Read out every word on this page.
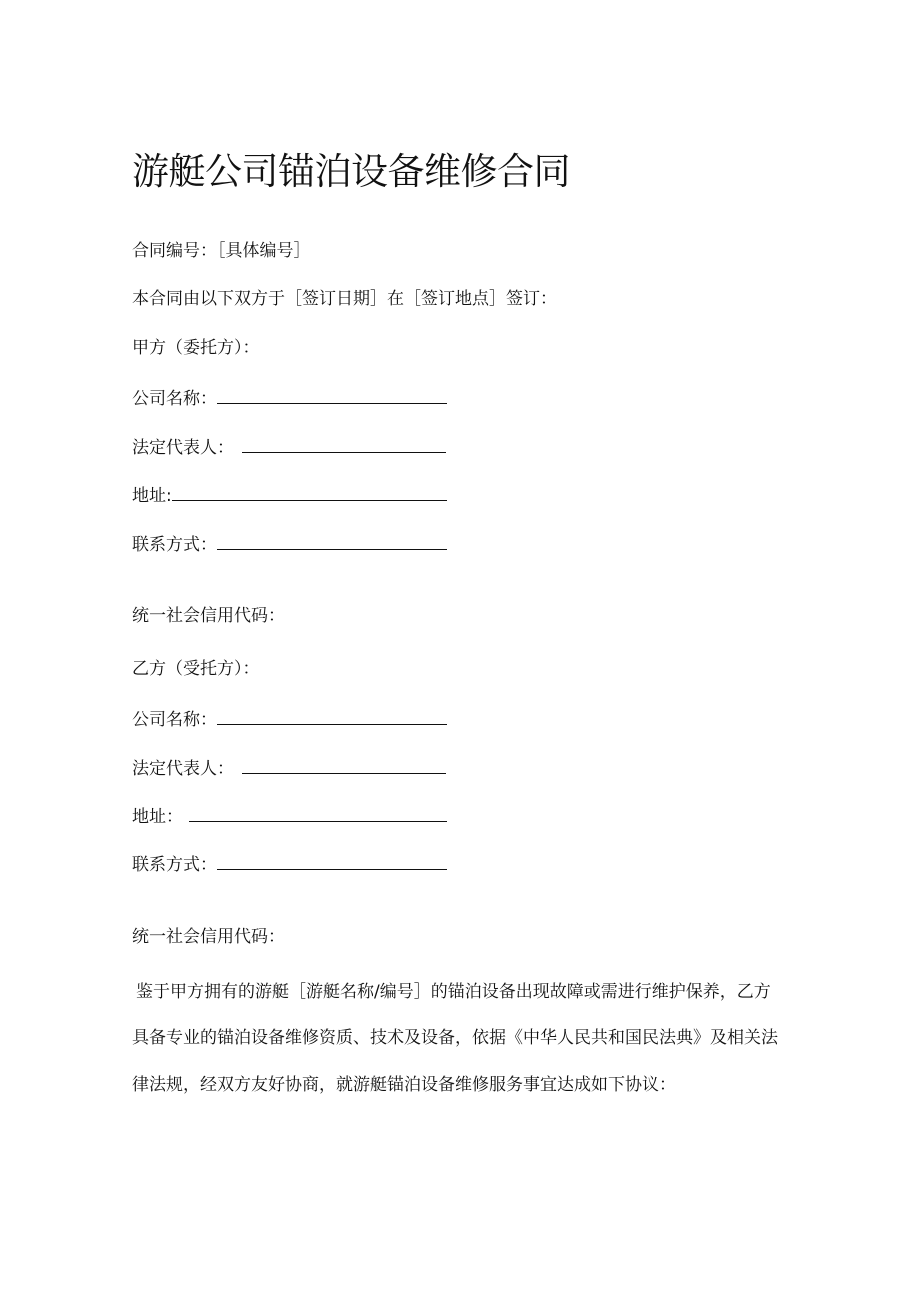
游艇公司锚泊设备维修合同
合同编号：［具体编号］
本合同由以下双方于［签订日期］在［签订地点］签订：
甲方（委托方）：
公司名称：
法定代表人：
地址:
联系方式：
统一社会信用代码：
乙方（受托方）：
公司名称：
法定代表人：
地址：
联系方式：
统一社会信用代码：
鉴于甲方拥有的游艇［游艇名称/编号］的锚泊设备出现故障或需进行维护保养，乙方
具备专业的锚泊设备维修资质、技术及设备，依据《中华人民共和国民法典》及相关法
律法规，经双方友好协商，就游艇锚泊设备维修服务事宜达成如下协议：
